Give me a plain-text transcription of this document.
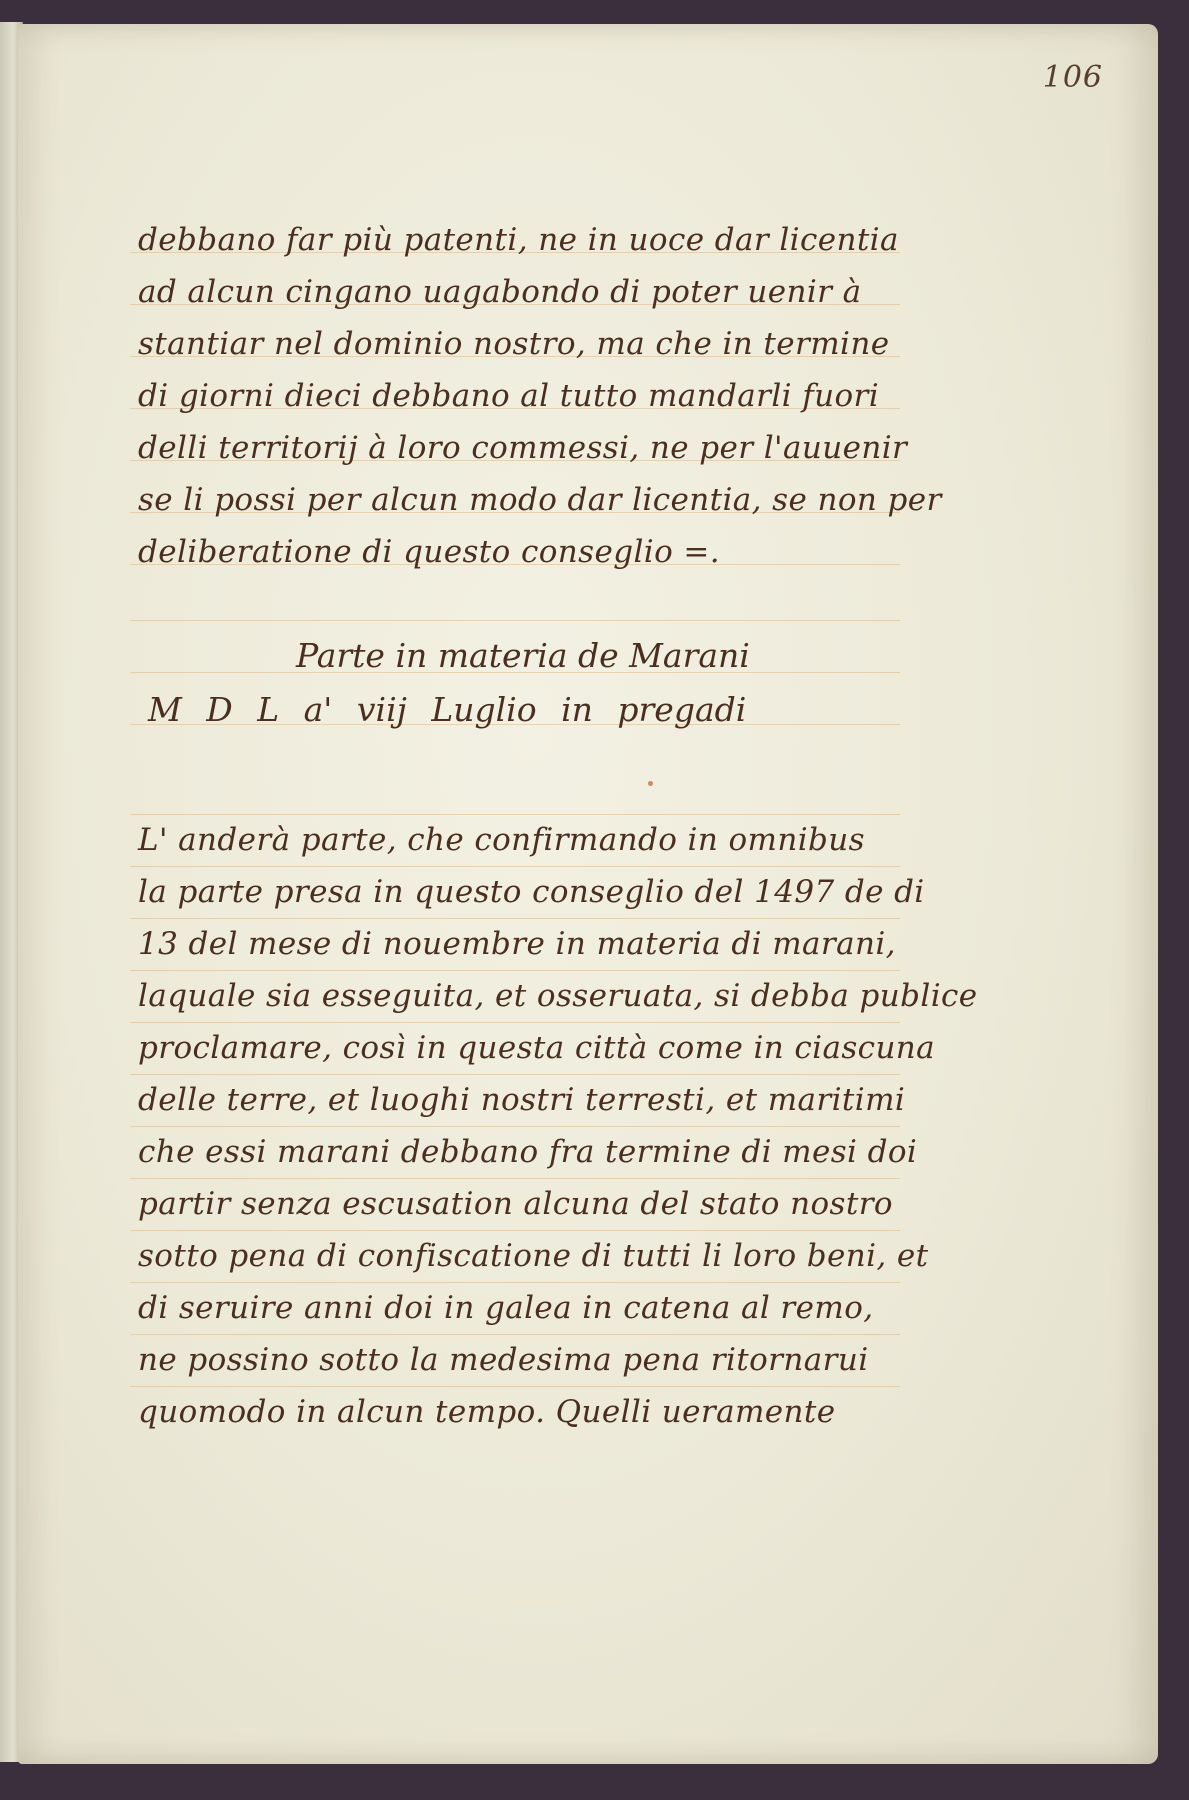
106
debbano far più patenti, ne in uoce dar licentia
ad alcun cingano uagabondo di poter uenir à
stantiar nel dominio nostro, ma che in termine
di giorni dieci debbano al tutto mandarli fuori
delli territorij à loro commessi, ne per l'auuenir
se li possi per alcun modo dar licentia, se non per
deliberatione di questo conseglio =.
Parte in materia de Marani
M D L a' viij Luglio in pregadi
L' anderà parte, che confirmando in omnibus
la parte presa in questo conseglio del 1497 de di
13 del mese di nouembre in materia di marani,
laquale sia esseguita, et osseruata, si debba publice
proclamare, così in questa città come in ciascuna
delle terre, et luoghi nostri terresti, et maritimi
che essi marani debbano fra termine di mesi doi
partir senza escusation alcuna del stato nostro
sotto pena di confiscatione di tutti li loro beni, et
di seruire anni doi in galea in catena al remo,
ne possino sotto la medesima pena ritornarui
quomodo in alcun tempo. Quelli ueramente
